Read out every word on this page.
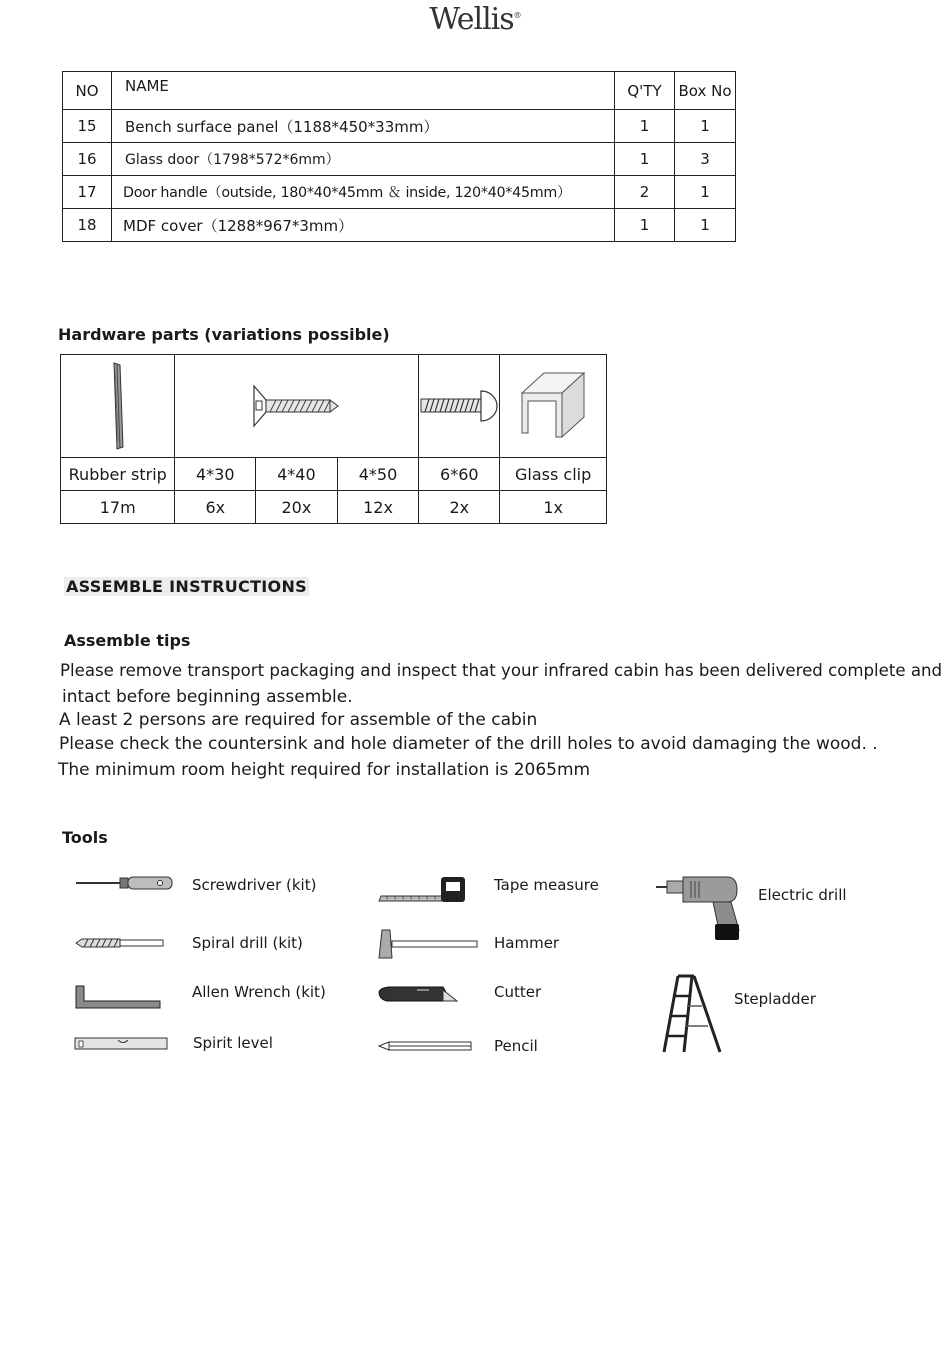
Wellis®
NO	NAME	Q'TY	Box No
15	Bench surface panel（1188*450*33mm）	1	1
16	Glass door（1798*572*6mm）	1	3
17	Door handle（outside, 180*40*45mm ＆ inside, 120*40*45mm）	2	1
18	MDF cover（1288*967*3mm）	1	1
Hardware parts (variations possible)

Rubber strip	4*30	4*40	4*50	6*60	Glass clip
17m	6x	20x	12x	2x	1x
ASSEMBLE INSTRUCTIONS
Assemble tips
Please remove transport packaging and inspect that your infrared cabin has been delivered complete and
intact before beginning assemble.
A least 2 persons are required for assemble of the cabin
Please check the countersink and hole diameter of the drill holes to avoid damaging the wood. .
The minimum room height required for installation is 2065mm
Tools
Screwdriver (kit)
Spiral drill (kit)
Allen Wrench (kit)
Spirit level
Tape measure
Hammer
Cutter
Pencil
Electric drill
Stepladder
